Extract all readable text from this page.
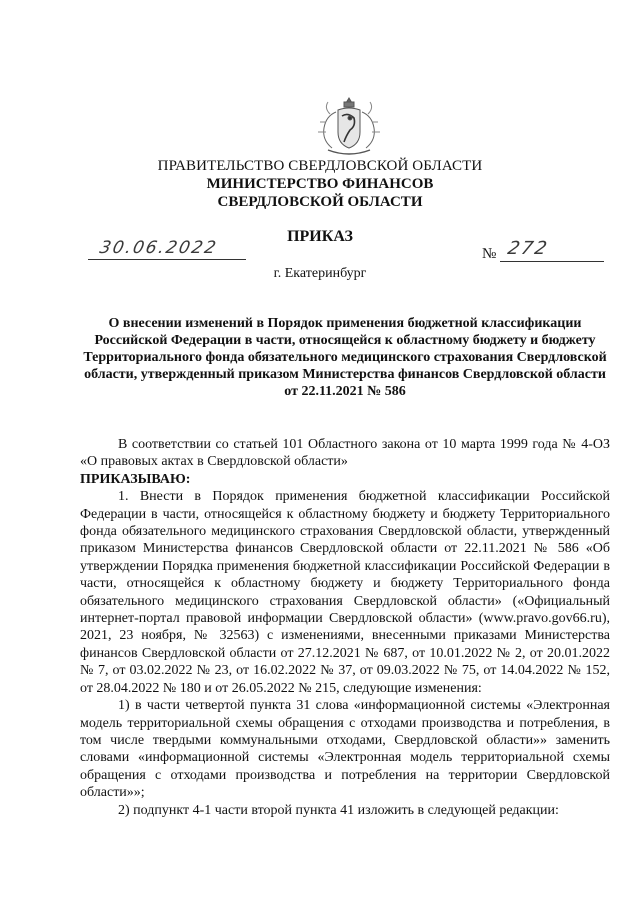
ПРАВИТЕЛЬСТВО СВЕРДЛОВСКОЙ ОБЛАСТИ
МИНИСТЕРСТВО ФИНАНСОВ
СВЕРДЛОВСКОЙ ОБЛАСТИ
ПРИКАЗ
30.06.2022	№ 272
г. Екатеринбург
О внесении изменений в Порядок применения бюджетной классификации Российской Федерации в части, относящейся к областному бюджету и бюджету Территориального фонда обязательного медицинского страхования Свердловской области, утвержденный приказом Министерства финансов Свердловской области от 22.11.2021 № 586

В соответствии со статьей 101 Областного закона от 10 марта 1999 года № 4-ОЗ «О правовых актах в Свердловской области»

ПРИКАЗЫВАЮ:

1. Внести в Порядок применения бюджетной классификации Российской Федерации в части, относящейся к областному бюджету и бюджету Территориального фонда обязательного медицинского страхования Свердловской области, утвержденный приказом Министерства финансов Свердловской области от 22.11.2021 № 586 «Об утверждении Порядка применения бюджетной классификации Российской Федерации в части, относящейся к областному бюджету и бюджету Территориального фонда обязательного медицинского страхования Свердловской области» («Официальный интернет-портал правовой информации Свердловской области» (www.pravo.gov66.ru), 2021, 23 ноября, № 32563) с изменениями, внесенными приказами Министерства финансов Свердловской области от 27.12.2021 № 687, от 10.01.2022 № 2, от 20.01.2022 № 7, от 03.02.2022 № 23, от 16.02.2022 № 37, от 09.03.2022 № 75, от 14.04.2022 № 152, от 28.04.2022 № 180 и от 26.05.2022 № 215, следующие изменения:

1) в части четвертой пункта 31 слова «информационной системы «Электронная модель территориальной схемы обращения с отходами производства и потребления, в том числе твердыми коммунальными отходами, Свердловской области»» заменить словами «информационной системы «Электронная модель территориальной схемы обращения с отходами производства и потребления на территории Свердловской области»»;

2) подпункт 4-1 части второй пункта 41 изложить в следующей редакции:
